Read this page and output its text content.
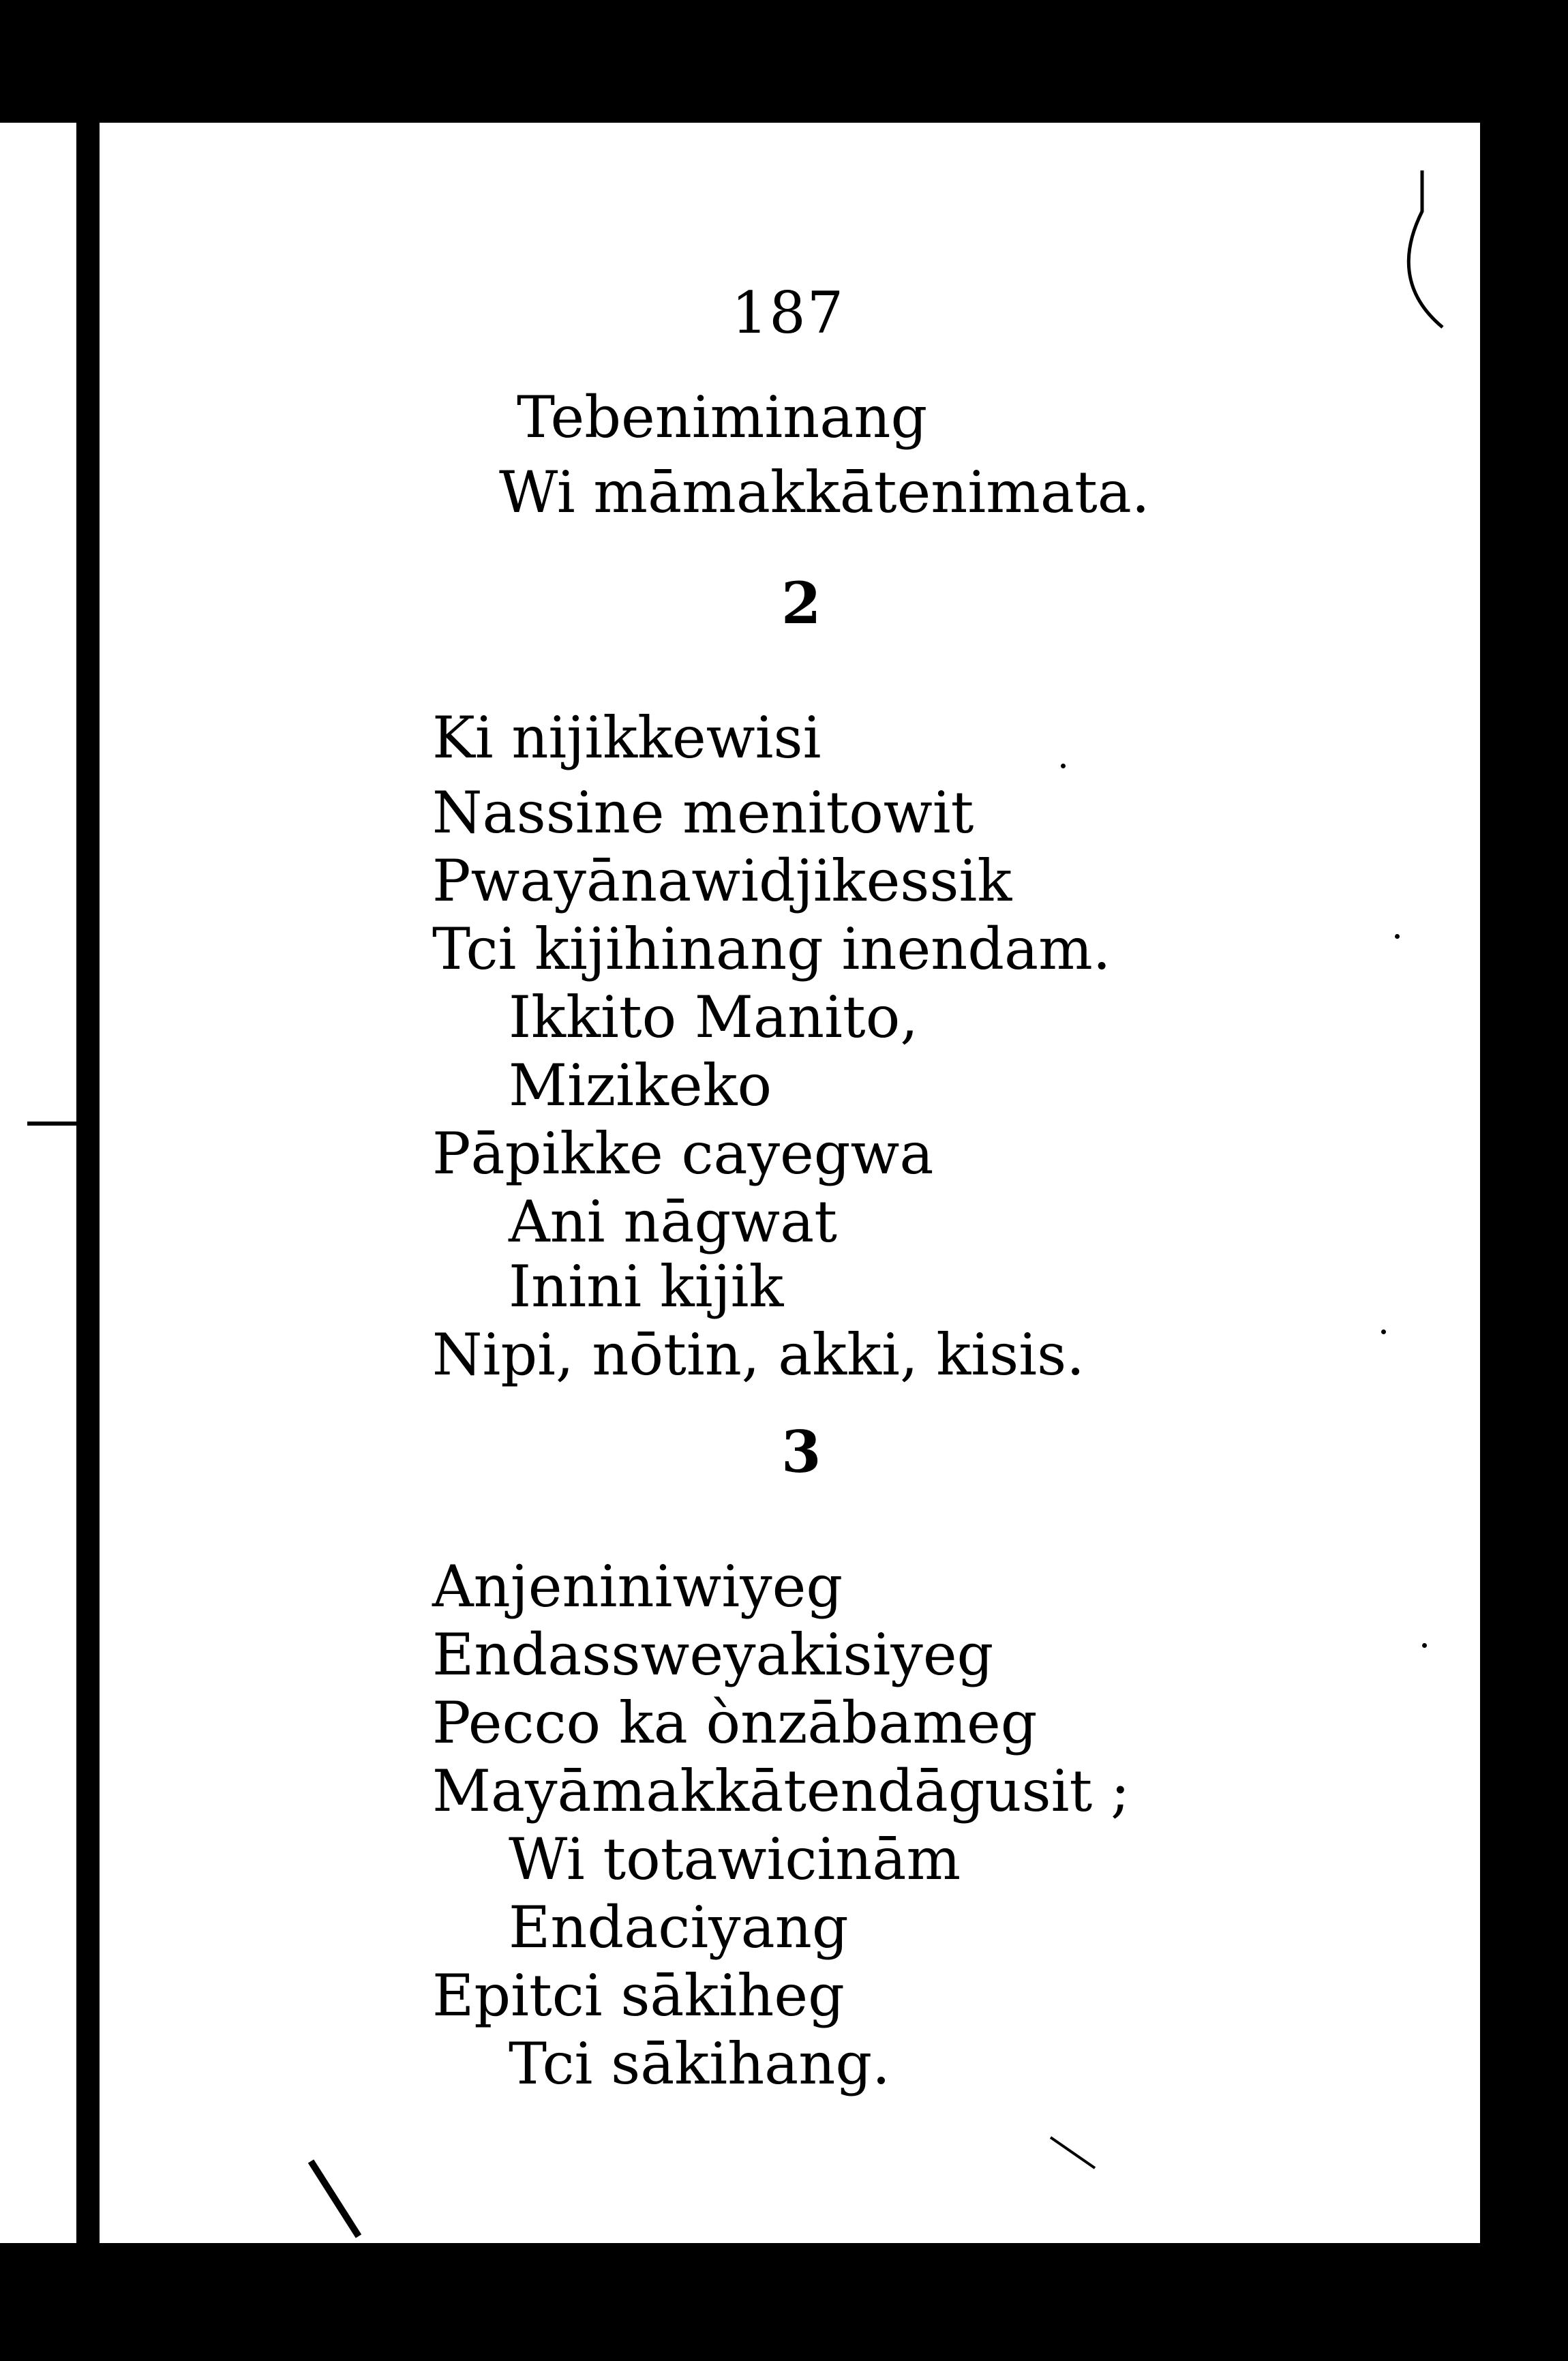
187
Tebeniminang
Wi māmakkātenimata.
2
Ki nijikkewisi
Nassine menitowit
Pwayānawidjikessik
Tci kijihinang inendam.
Ikkito Manito,
Mizikeko
Pāpikke cayegwa
Ani nāgwat
Inini kijik
Nipi, nōtin, akki, kisis.
3
Anjeniniwiyeg
Endassweyakisiyeg
Pecco ka ònzābameg
Mayāmakkātendāgusit ;
Wi totawicinām
Endaciyang
Epitci sākiheg
Tci sākihang.
